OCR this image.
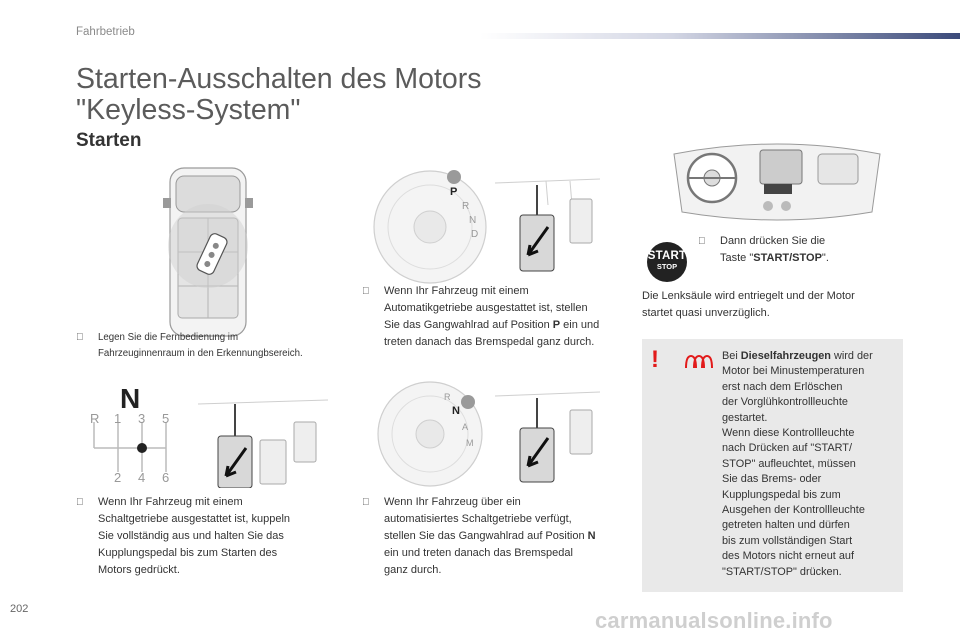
Fahrbetrieb
Starten-Ausschalten des Motors
"Keyless-System"
Starten
Legen Sie die Fernbedienung im
Fahrzeuginnenraum in den Erkennungbsereich.
P
R
N
D
Wenn Ihr Fahrzeug mit einem
Automatikgetriebe ausgestattet ist, stellen
Sie das Gangwahlrad auf Position P ein und
treten danach das Bremspedal ganz durch.
START
STOP
Dann drücken Sie die
Taste "START/STOP".
Die Lenksäule wird entriegelt und der Motor
startet quasi unverzüglich.
!	Bei Dieselfahrzeugen wird der
Motor bei Minustemperaturen
erst nach dem Erlöschen
der Vorglühkontrollleuchte
gestartet.
Wenn diese Kontrollleuchte
nach Drücken auf "START/
STOP" aufleuchtet, müssen
Sie das Brems- oder
Kupplungspedal bis zum
Ausgehen der Kontrollleuchte
getreten halten und dürfen
bis zum vollständigen Start
des Motors nicht erneut auf
"START/STOP" drücken.
N
R 1 3 5
2 4 6
Wenn Ihr Fahrzeug mit einem
Schaltgetriebe ausgestattet ist, kuppeln
Sie vollständig aus und halten Sie das
Kupplungspedal bis zum Starten des
Motors gedrückt.
R
N
A
M
Wenn Ihr Fahrzeug über ein
automatisiertes Schaltgetriebe verfügt,
stellen Sie das Gangwahlrad auf Position N
ein und treten danach das Bremspedal
ganz durch.
202	carmanualsonline.info
